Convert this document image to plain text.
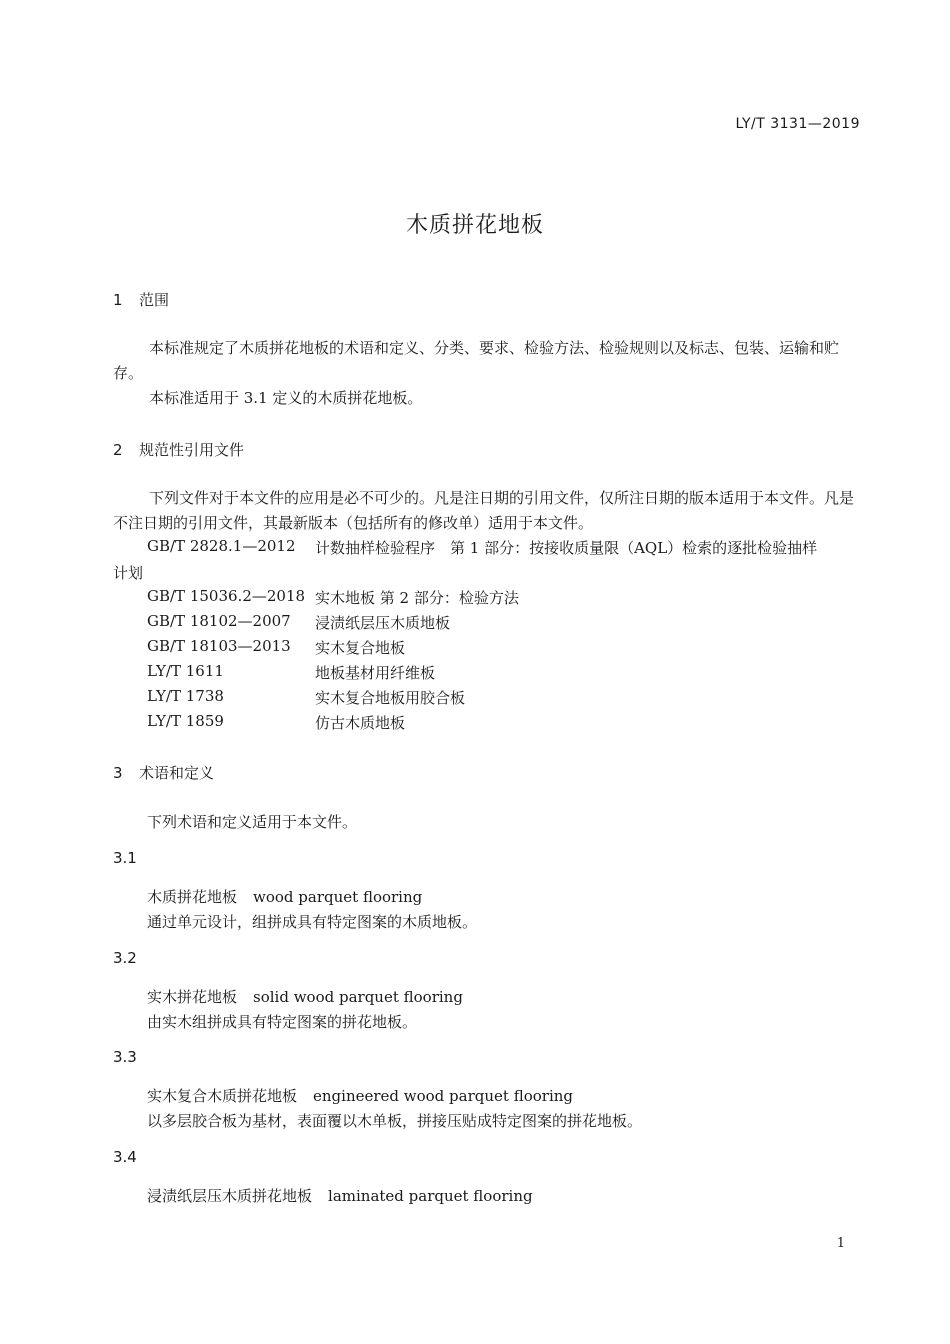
LY/T 3131—2019
木质拼花地板
1 范围
本标准规定了木质拼花地板的术语和定义、分类、要求、检验方法、检验规则以及标志、包装、运输和贮存。
本标准适用于 3.1 定义的木质拼花地板。
2 规范性引用文件
下列文件对于本文件的应用是必不可少的。凡是注日期的引用文件，仅所注日期的版本适用于本文件。凡是不注日期的引用文件，其最新版本（包括所有的修改单）适用于本文件。
GB/T 2828.1—2012 计数抽样检验程序　第 1 部分：按接收质量限（AQL）检索的逐批检验抽样
计划
GB/T 15036.2—2018 实木地板 第 2 部分：检验方法
GB/T 18102—2007 浸渍纸层压木质地板
GB/T 18103—2013 实木复合地板
LY/T 1611	地板基材用纤维板
LY/T 1738	实木复合地板用胶合板
LY/T 1859	仿古木质地板
3 术语和定义
下列术语和定义适用于本文件。
3.1
木质拼花地板 wood parquet flooring
通过单元设计，组拼成具有特定图案的木质地板。
3.2
实木拼花地板 solid wood parquet flooring
由实木组拼成具有特定图案的拼花地板。
3.3
实木复合木质拼花地板 engineered wood parquet flooring
以多层胶合板为基材，表面覆以木单板，拼接压贴成特定图案的拼花地板。
3.4
浸渍纸层压木质拼花地板 laminated parquet flooring
1
